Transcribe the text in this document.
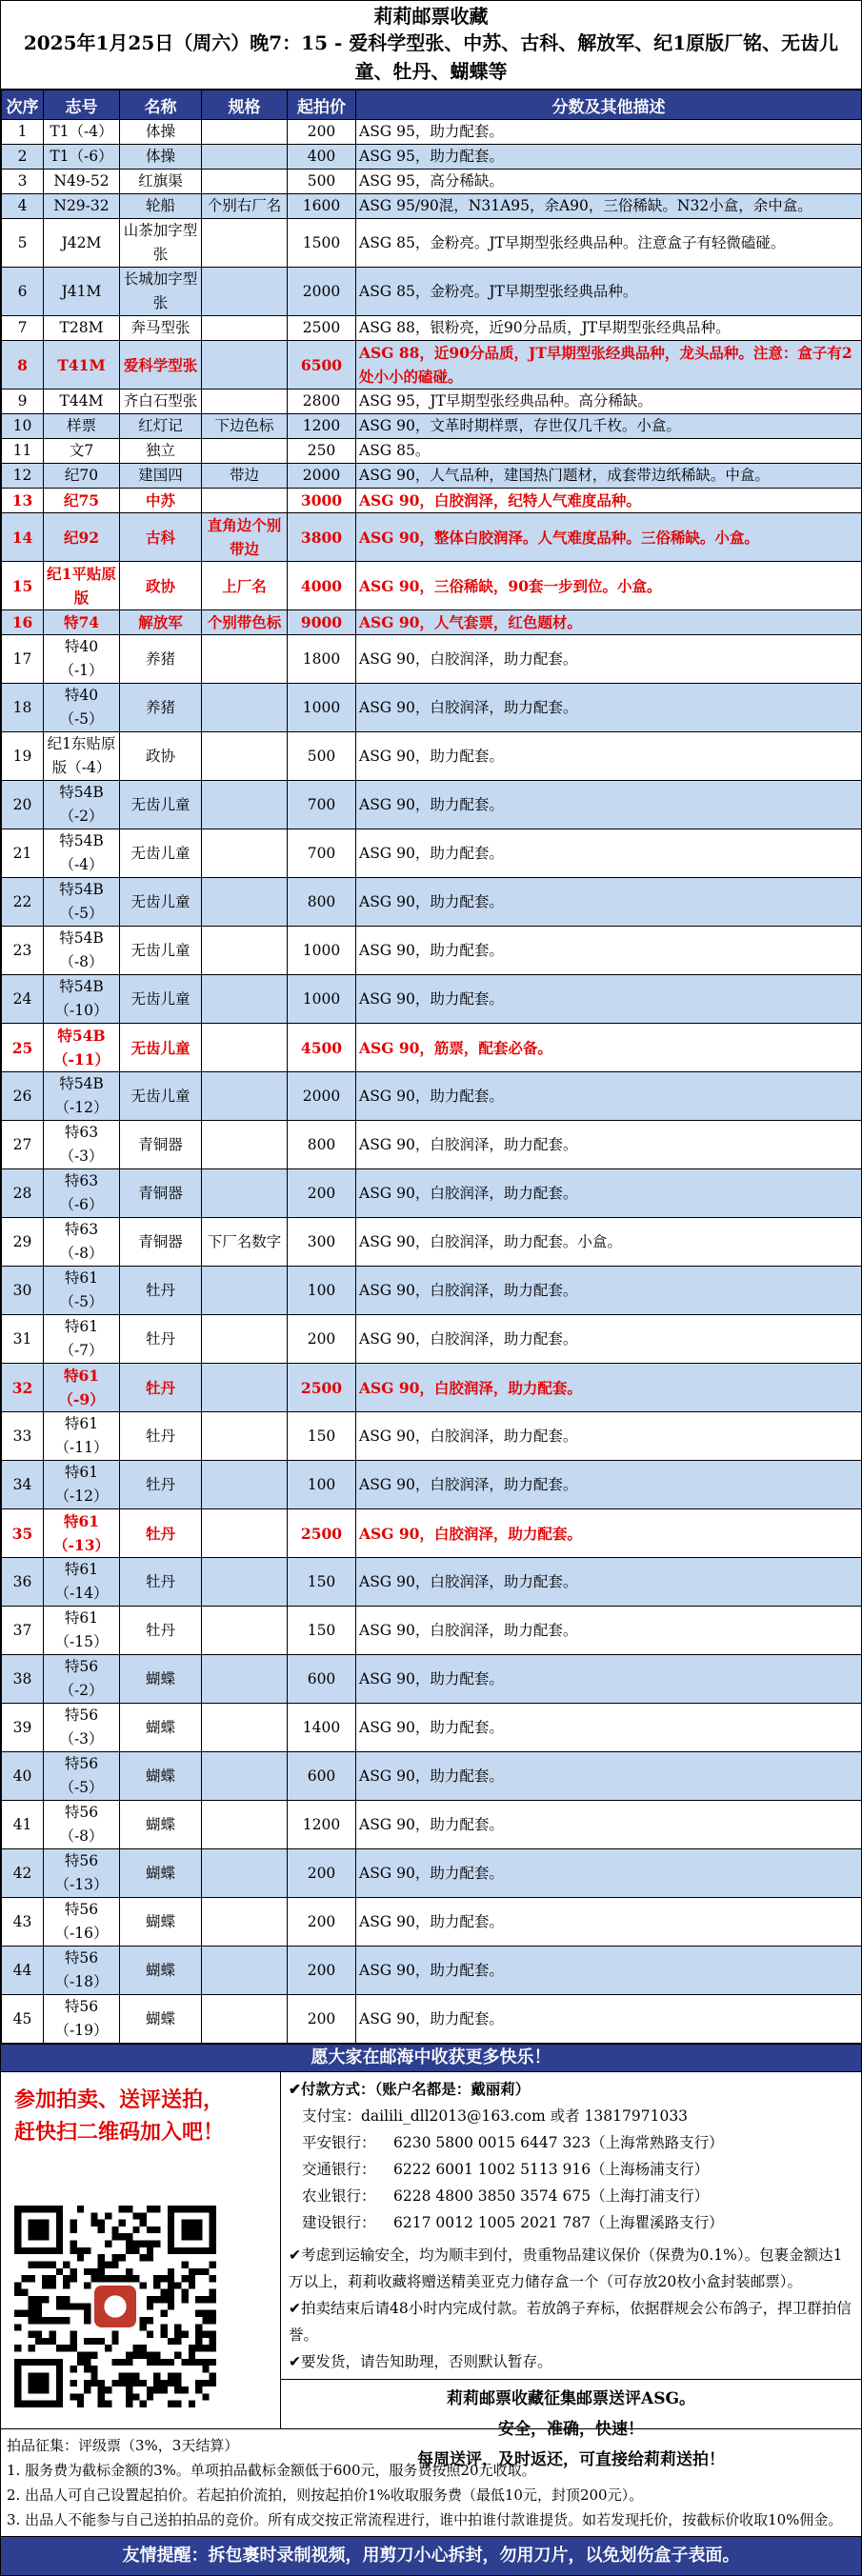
莉莉邮票收藏
2025年1月25日（周六）晚7：15 - 爱科学型张、中苏、古科、解放军、纪1原版厂铭、无齿儿童、牡丹、蝴蝶等
次序	志号	名称	规格	起拍价	分数及其他描述
1	T1（-4）	体操		200	ASG 95，助力配套。
2	T1（-6）	体操		400	ASG 95，助力配套。
3	N49-52	红旗渠		500	ASG 95，高分稀缺。
4	N29-32	轮船	个别右厂名	1600	ASG 95/90混，N31A95，余A90，三俗稀缺。N32小盒，余中盒。
5	J42M	山茶加字型张		1500	ASG 85，金粉亮。JT早期型张经典品种。注意盒子有轻微磕碰。
6	J41M	长城加字型张		2000	ASG 85，金粉亮。JT早期型张经典品种。
7	T28M	奔马型张		2500	ASG 88，银粉亮，近90分品质，JT早期型张经典品种。
8	T41M	爱科学型张		6500	ASG 88，近90分品质，JT早期型张经典品种，龙头品种。注意：盒子有2处小小的磕碰。
9	T44M	齐白石型张		2800	ASG 95，JT早期型张经典品种。高分稀缺。
10	样票	红灯记	下边色标	1200	ASG 90，文革时期样票，存世仅几千枚。小盒。
11	文7	独立		250	ASG 85。
12	纪70	建国四	带边	2000	ASG 90，人气品种，建国热门题材，成套带边纸稀缺。中盒。
13	纪75	中苏		3000	ASG 90，白胶润泽，纪特人气难度品种。
14	纪92	古科	直角边个别带边	3800	ASG 90，整体白胶润泽。人气难度品种。三俗稀缺。小盒。
15	纪1平贴原版	政协	上厂名	4000	ASG 90，三俗稀缺，90套一步到位。小盒。
16	特74	解放军	个别带色标	9000	ASG 90，人气套票，红色题材。
17	特40（-1）	养猪		1800	ASG 90，白胶润泽，助力配套。
18	特40（-5）	养猪		1000	ASG 90，白胶润泽，助力配套。
19	纪1东贴原版（-4）	政协		500	ASG 90，助力配套。
20	特54B（-2）	无齿儿童		700	ASG 90，助力配套。
21	特54B（-4）	无齿儿童		700	ASG 90，助力配套。
22	特54B（-5）	无齿儿童		800	ASG 90，助力配套。
23	特54B（-8）	无齿儿童		1000	ASG 90，助力配套。
24	特54B（-10）	无齿儿童		1000	ASG 90，助力配套。
25	特54B（-11）	无齿儿童		4500	ASG 90，筋票，配套必备。
26	特54B（-12）	无齿儿童		2000	ASG 90，助力配套。
27	特63（-3）	青铜器		800	ASG 90，白胶润泽，助力配套。
28	特63（-6）	青铜器		200	ASG 90，白胶润泽，助力配套。
29	特63（-8）	青铜器	下厂名数字	300	ASG 90，白胶润泽，助力配套。小盒。
30	特61（-5）	牡丹		100	ASG 90，白胶润泽，助力配套。
31	特61（-7）	牡丹		200	ASG 90，白胶润泽，助力配套。
32	特61（-9）	牡丹		2500	ASG 90，白胶润泽，助力配套。
33	特61（-11）	牡丹		150	ASG 90，白胶润泽，助力配套。
34	特61（-12）	牡丹		100	ASG 90，白胶润泽，助力配套。
35	特61（-13）	牡丹		2500	ASG 90，白胶润泽，助力配套。
36	特61（-14）	牡丹		150	ASG 90，白胶润泽，助力配套。
37	特61（-15）	牡丹		150	ASG 90，白胶润泽，助力配套。
38	特56（-2）	蝴蝶		600	ASG 90，助力配套。
39	特56（-3）	蝴蝶		1400	ASG 90，助力配套。
40	特56（-5）	蝴蝶		600	ASG 90，助力配套。
41	特56（-8）	蝴蝶		1200	ASG 90，助力配套。
42	特56（-13）	蝴蝶		200	ASG 90，助力配套。
43	特56（-16）	蝴蝶		200	ASG 90，助力配套。
44	特56（-18）	蝴蝶		200	ASG 90，助力配套。
45	特56（-19）	蝴蝶		200	ASG 90，助力配套。
愿大家在邮海中收获更多快乐！
参加拍卖、送评送拍，
赶快扫二维码加入吧！
✔付款方式：（账户名都是：戴丽莉）
支付宝：dailili_dll2013@163.com 或者 13817971033
平安银行： 6230 5800 0015 6447 323（上海常熟路支行）
交通银行： 6222 6001 1002 5113 916（上海杨浦支行）
农业银行： 6228 4800 3850 3574 675（上海打浦支行）
建设银行： 6217 0012 1005 2021 787（上海瞿溪路支行）
✔考虑到运输安全，均为顺丰到付，贵重物品建议保价（保费为0.1%）。包裹金额达1万以上，莉莉收藏将赠送精美亚克力储存盒一个（可存放20枚小盒封装邮票）。
✔拍卖结束后请48小时内完成付款。若放鸽子弃标，依据群规会公布鸽子，捍卫群拍信誉。
✔要发货，请告知助理，否则默认暂存。
莉莉邮票收藏征集邮票送评ASG。
安全，准确，快速！
每周送评，及时返还，可直接给莉莉送拍！
拍品征集：评级票（3%，3天结算）
1. 服务费为截标金额的3%。单项拍品截标金额低于600元，服务费按照20元收取。
2. 出品人可自己设置起拍价。若起拍价流拍，则按起拍价1%收取服务费（最低10元，封顶200元）。
3. 出品人不能参与自己送拍拍品的竞价。所有成交按正常流程进行，谁中拍谁付款谁提货。如若发现托价，按截标价收取10%佣金。
友情提醒：拆包裹时录制视频，用剪刀小心拆封，勿用刀片，以免划伤盒子表面。
